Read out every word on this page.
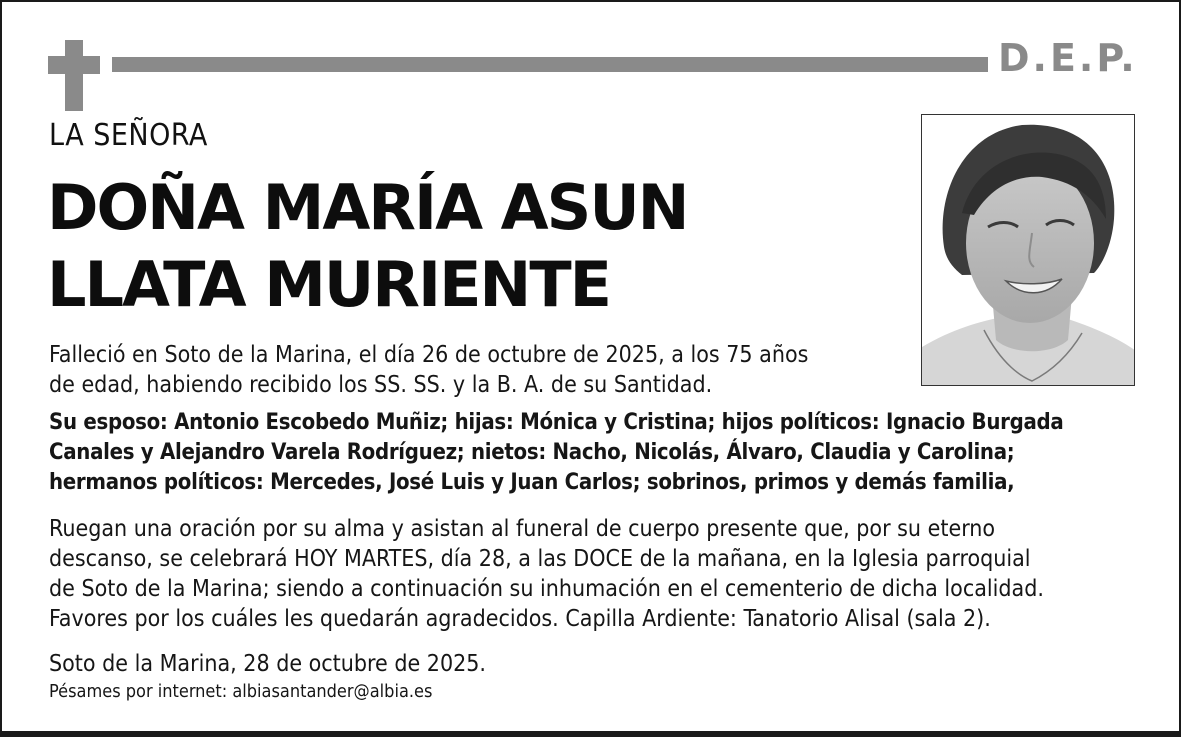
D.E.P.
LA SEÑORA
DOÑA MARÍA ASUN
LLATA MURIENTE

Falleció en Soto de la Marina, el día 26 de octubre de 2025, a los 75 años
de edad, habiendo recibido los SS. SS. y la B. A. de su Santidad.

Su esposo: Antonio Escobedo Muñiz; hijas: Mónica y Cristina; hijos políticos: Ignacio Burgada
Canales y Alejandro Varela Rodríguez; nietos: Nacho, Nicolás, Álvaro, Claudia y Carolina;
hermanos políticos: Mercedes, José Luis y Juan Carlos; sobrinos, primos y demás familia,

Ruegan una oración por su alma y asistan al funeral de cuerpo presente que, por su eterno
descanso, se celebrará HOY MARTES, día 28, a las DOCE de la mañana, en la Iglesia parroquial
de Soto de la Marina; siendo a continuación su inhumación en el cementerio de dicha localidad.
Favores por los cuáles les quedarán agradecidos. Capilla Ardiente: Tanatorio Alisal (sala 2).

Soto de la Marina, 28 de octubre de 2025.

Pésames por internet: albiasantander@albia.es
